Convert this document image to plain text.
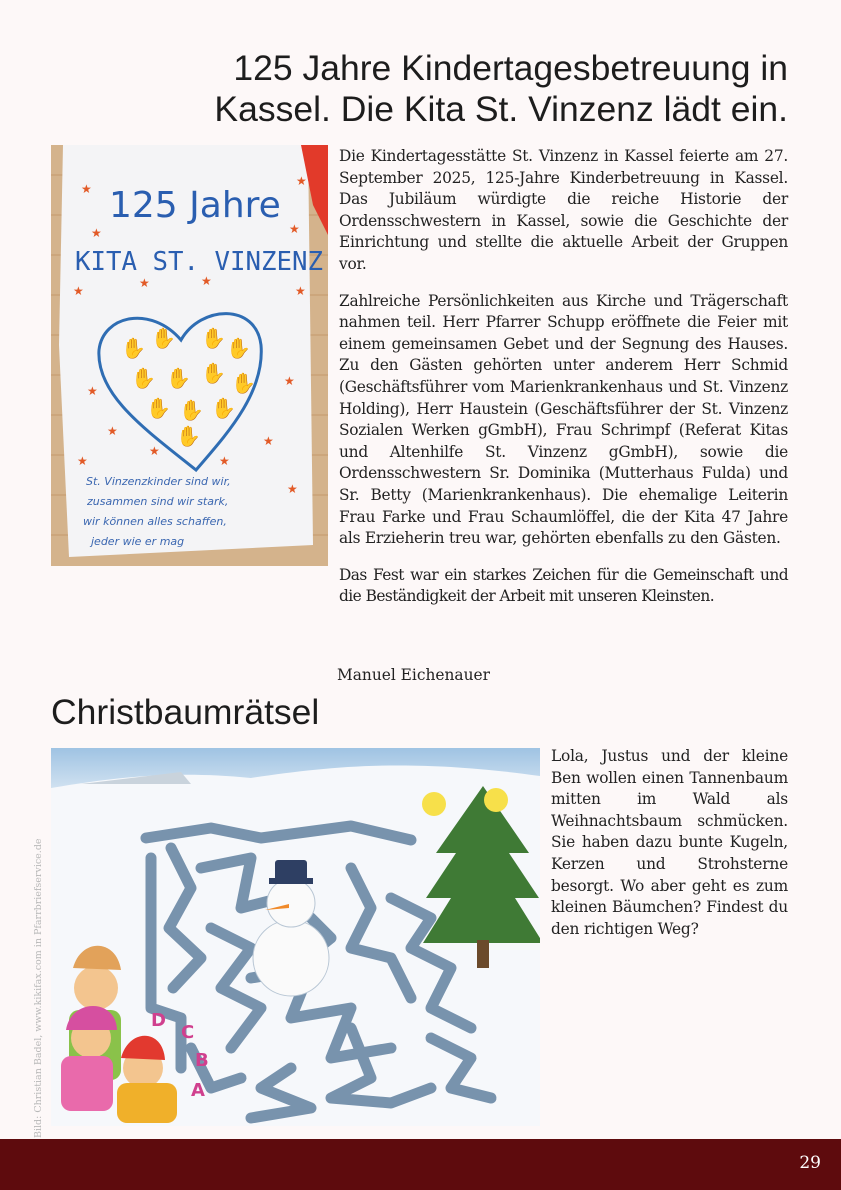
125 Jahre Kindertagesbetreuung in
Kassel. Die Kita St. Vinzenz lädt ein.
125 Jahre
KITA ST. VINZENZ
★
★
★
★
★	★
★	★
★
★
★
★
★
★
★
★
✋ ✋ ✋ ✋
✋ ✋ ✋ ✋
✋ ✋ ✋
✋
St. Vinzenzkinder sind wir,
zusammen sind wir stark,
wir können alles schaffen,
jeder wie er mag

Die Kindertagesstätte St. Vinzenz in Kassel feierte am 27. September 2025, 125-Jahre Kinderbetreuung in Kassel. Das Jubiläum würdigte die reiche Historie der Ordensschwestern in Kassel, sowie die Geschichte der Einrichtung und stellte die aktuelle Arbeit der Gruppen vor.

Zahlreiche Persönlichkeiten aus Kirche und Trägerschaft nahmen teil. Herr Pfarrer Schupp eröffnete die Feier mit einem gemeinsamen Gebet und der Segnung des Hauses. Zu den Gästen gehörten unter anderem Herr Schmid (Geschäftsführer vom Marienkrankenhaus und St. Vinzenz Holding), Herr Haustein (Geschäftsführer der St. Vinzenz Sozialen Werken gGmbH), Frau Schrimpf (Referat Kitas und Altenhilfe St. Vinzenz gGmbH), sowie die Ordensschwestern Sr. Dominika (Mutterhaus Fulda) und Sr. Betty (Marienkrankenhaus). Die ehemalige Leiterin Frau Farke und Frau Schaumlöffel, die der Kita 47 Jahre als Erzieherin treu war, gehörten ebenfalls zu den Gästen.

Das Fest war ein starkes Zeichen für die Gemeinschaft und die Beständigkeit der Arbeit mit unseren Kleinsten.

Manuel Eichenauer
Christbaumrätsel
D
C
B
A
Bild: Christian Badel, www.kikifax.com in Pfarrbriefservice.de

Lola, Justus und der kleine Ben wollen einen Tannenbaum mitten im Wald als Weihnachtsbaum schmücken. Sie haben dazu bunte Kugeln, Kerzen und Strohsterne besorgt. Wo aber geht es zum kleinen Bäumchen? Findest du den richtigen Weg?

29
